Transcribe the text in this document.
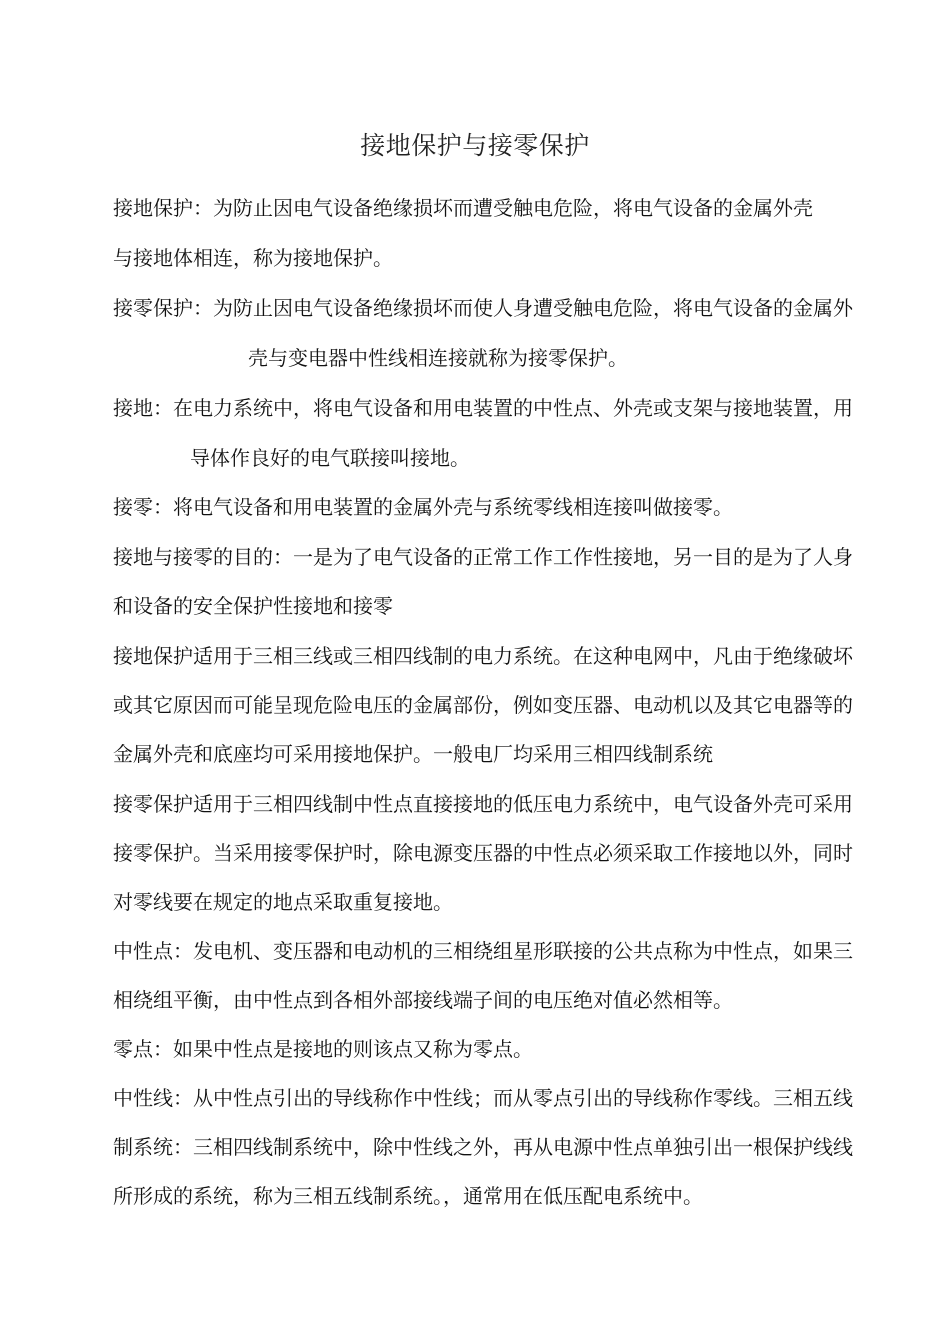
接地保护与接零保护
接地保护：为防止因电气设备绝缘损坏而遭受触电危险，将电气设备的金属外壳
与接地体相连，称为接地保护。
接零保护：为防止因电气设备绝缘损坏而使人身遭受触电危险，将电气设备的金属外
壳与变电器中性线相连接就称为接零保护。
接地：在电力系统中，将电气设备和用电装置的中性点、外壳或支架与接地装置，用
导体作良好的电气联接叫接地。
接零：将电气设备和用电装置的金属外壳与系统零线相连接叫做接零。
接地与接零的目的：一是为了电气设备的正常工作工作性接地，另一目的是为了人身
和设备的安全保护性接地和接零
接地保护适用于三相三线或三相四线制的电力系统。在这种电网中，凡由于绝缘破坏
或其它原因而可能呈现危险电压的金属部份，例如变压器、电动机以及其它电器等的
金属外壳和底座均可采用接地保护。一般电厂均采用三相四线制系统
接零保护适用于三相四线制中性点直接接地的低压电力系统中，电气设备外壳可采用
接零保护。当采用接零保护时，除电源变压器的中性点必须采取工作接地以外，同时
对零线要在规定的地点采取重复接地。
中性点：发电机、变压器和电动机的三相绕组星形联接的公共点称为中性点，如果三
相绕组平衡，由中性点到各相外部接线端子间的电压绝对值必然相等。
零点：如果中性点是接地的则该点又称为零点。
中性线：从中性点引出的导线称作中性线；而从零点引出的导线称作零线。三相五线
制系统：三相四线制系统中，除中性线之外，再从电源中性点单独引出一根保护线线
所形成的系统，称为三相五线制系统。，通常用在低压配电系统中。
